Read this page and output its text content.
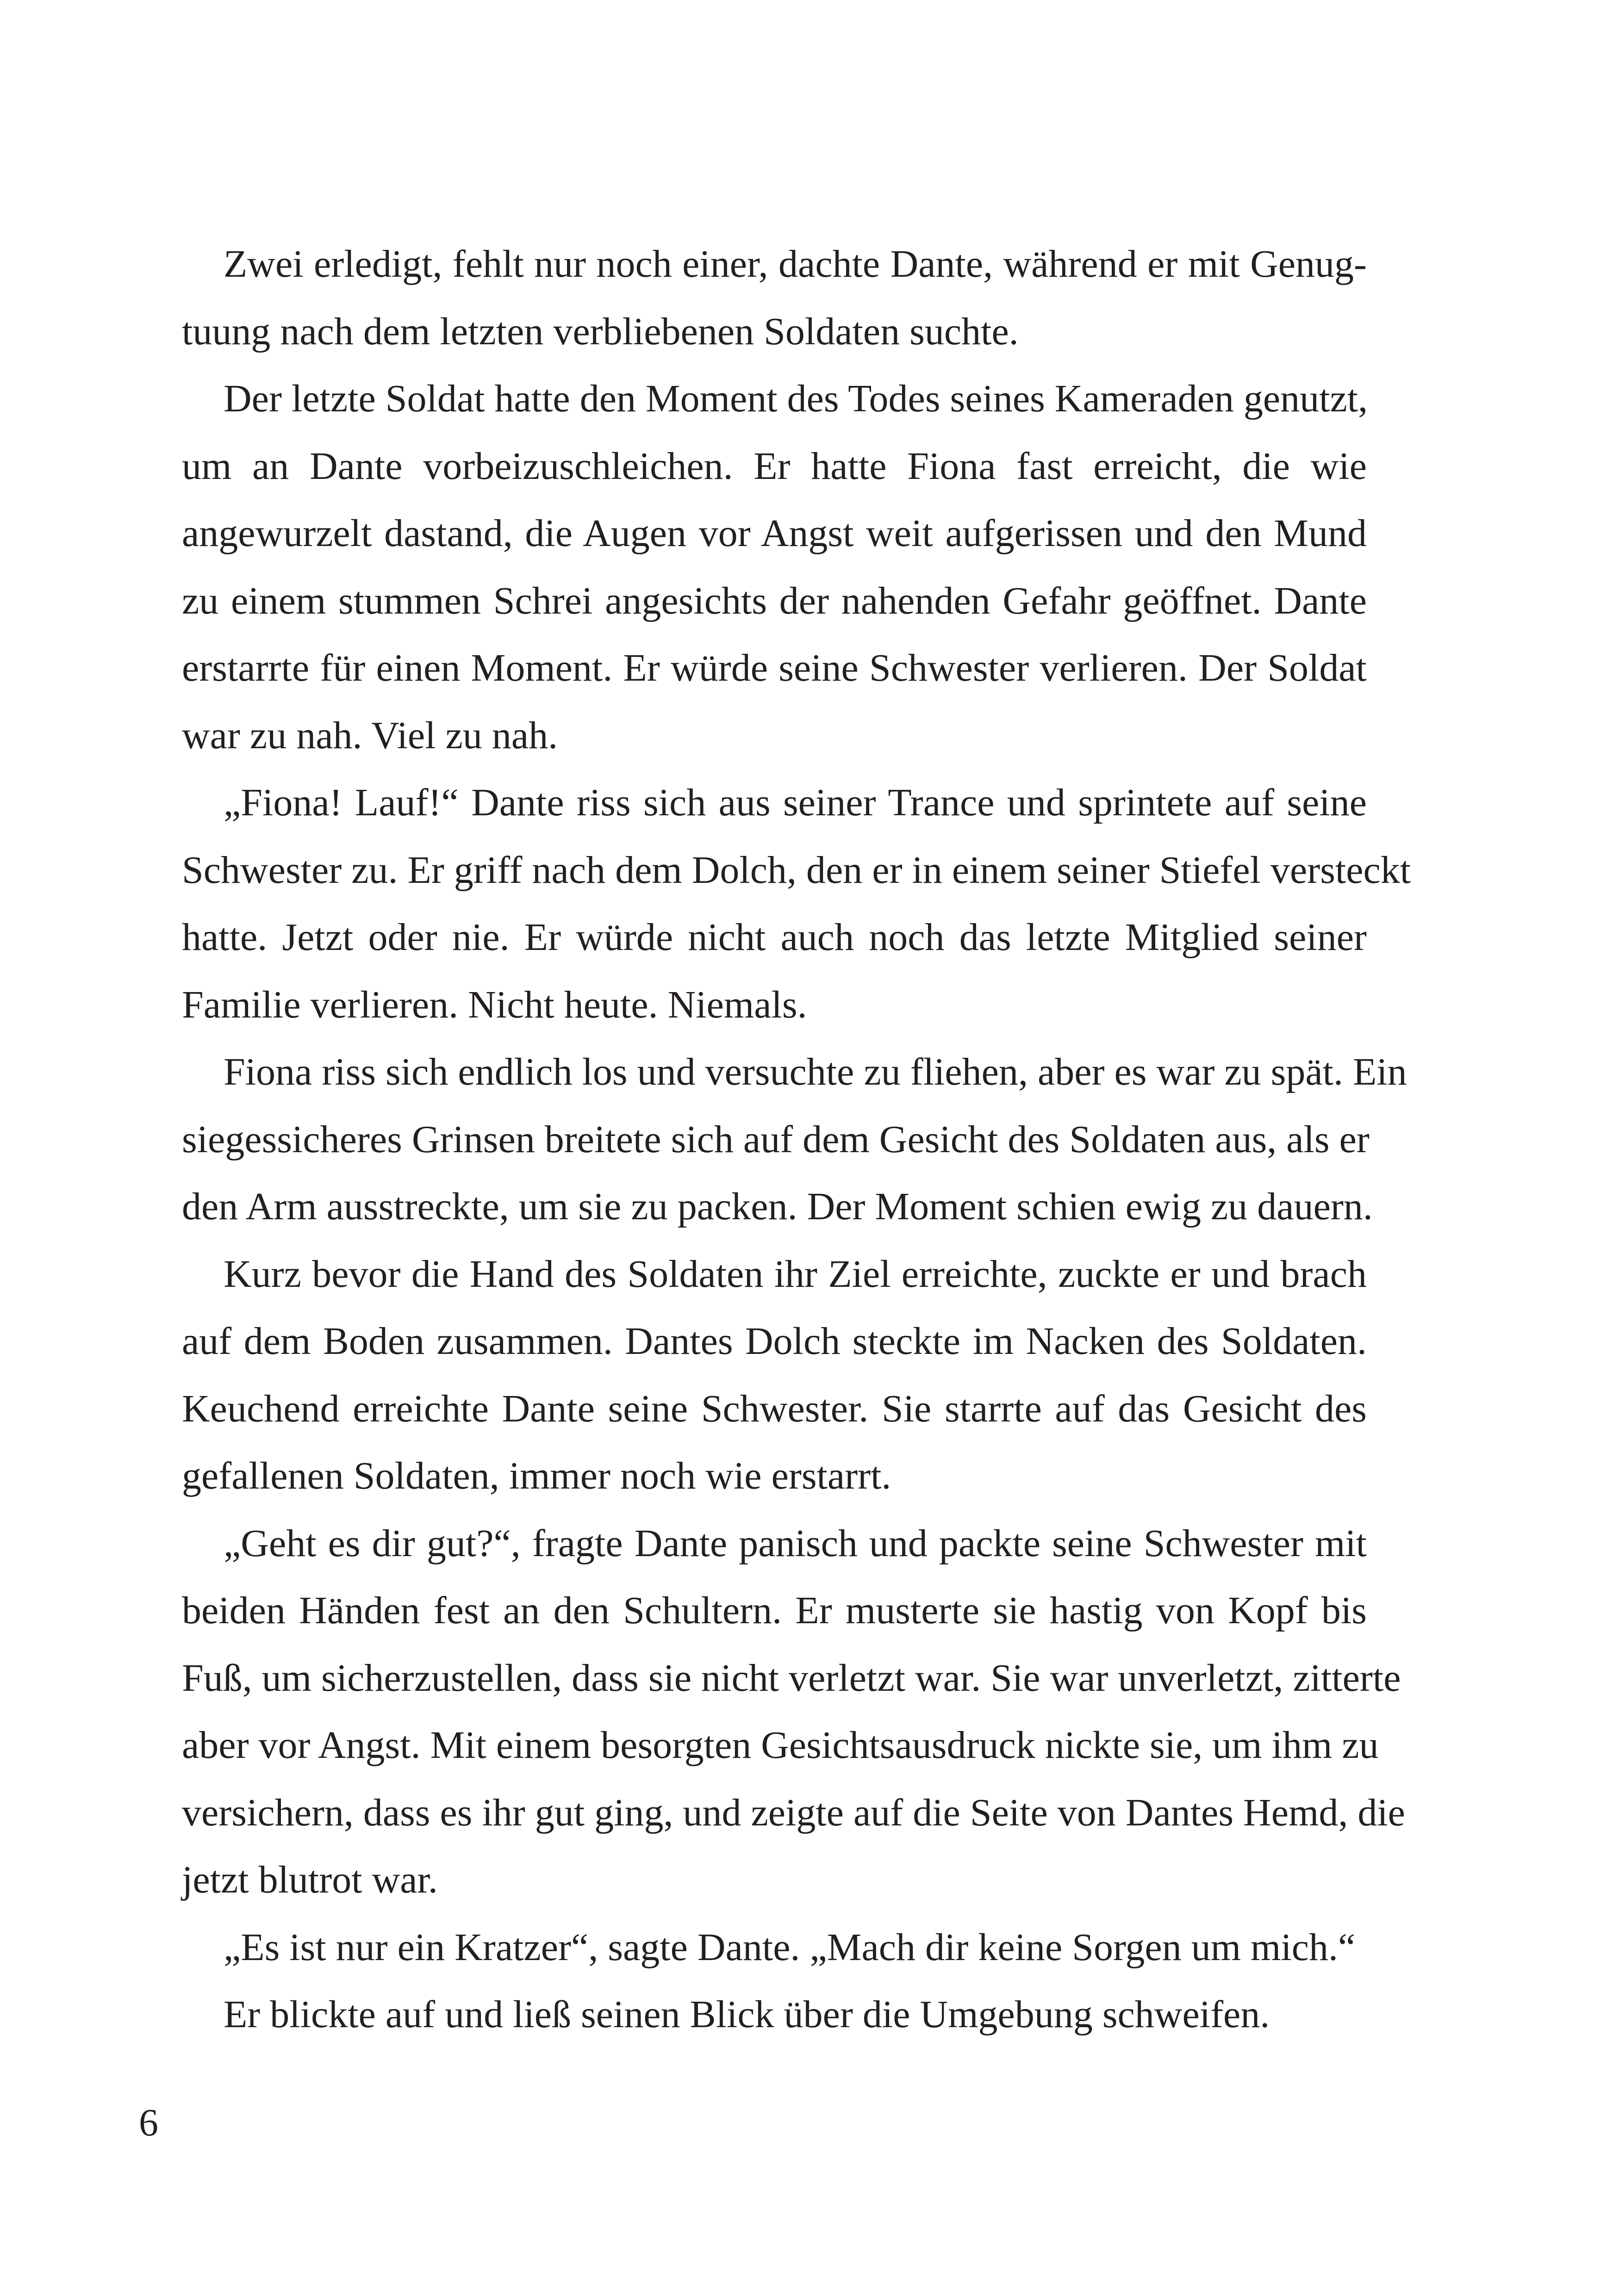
Zwei erledigt, fehlt nur noch einer, dachte Dante, während er mit Genug-
tuung nach dem letzten verbliebenen Soldaten suchte.
Der letzte Soldat hatte den Moment des Todes seines Kameraden genutzt,
um an Dante vorbeizuschleichen. Er hatte Fiona fast erreicht, die wie
angewurzelt dastand, die Augen vor Angst weit aufgerissen und den Mund
zu einem stummen Schrei angesichts der nahenden Gefahr geöffnet. Dante
erstarrte für einen Moment. Er würde seine Schwester verlieren. Der Soldat
war zu nah. Viel zu nah.
„Fiona! Lauf!“ Dante riss sich aus seiner Trance und sprintete auf seine
Schwester zu. Er griff nach dem Dolch, den er in einem seiner Stiefel versteckt
hatte. Jetzt oder nie. Er würde nicht auch noch das letzte Mitglied seiner
Familie verlieren. Nicht heute. Niemals.
Fiona riss sich endlich los und versuchte zu fliehen, aber es war zu spät. Ein
siegessicheres Grinsen breitete sich auf dem Gesicht des Soldaten aus, als er
den Arm ausstreckte, um sie zu packen. Der Moment schien ewig zu dauern.
Kurz bevor die Hand des Soldaten ihr Ziel erreichte, zuckte er und brach
auf dem Boden zusammen. Dantes Dolch steckte im Nacken des Soldaten.
Keuchend erreichte Dante seine Schwester. Sie starrte auf das Gesicht des
gefallenen Soldaten, immer noch wie erstarrt.
„Geht es dir gut?“, fragte Dante panisch und packte seine Schwester mit
beiden Händen fest an den Schultern. Er musterte sie hastig von Kopf bis
Fuß, um sicherzustellen, dass sie nicht verletzt war. Sie war unverletzt, zitterte
aber vor Angst. Mit einem besorgten Gesichtsausdruck nickte sie, um ihm zu
versichern, dass es ihr gut ging, und zeigte auf die Seite von Dantes Hemd, die
jetzt blutrot war.
„Es ist nur ein Kratzer“, sagte Dante. „Mach dir keine Sorgen um mich.“
Er blickte auf und ließ seinen Blick über die Umgebung schweifen.
6
